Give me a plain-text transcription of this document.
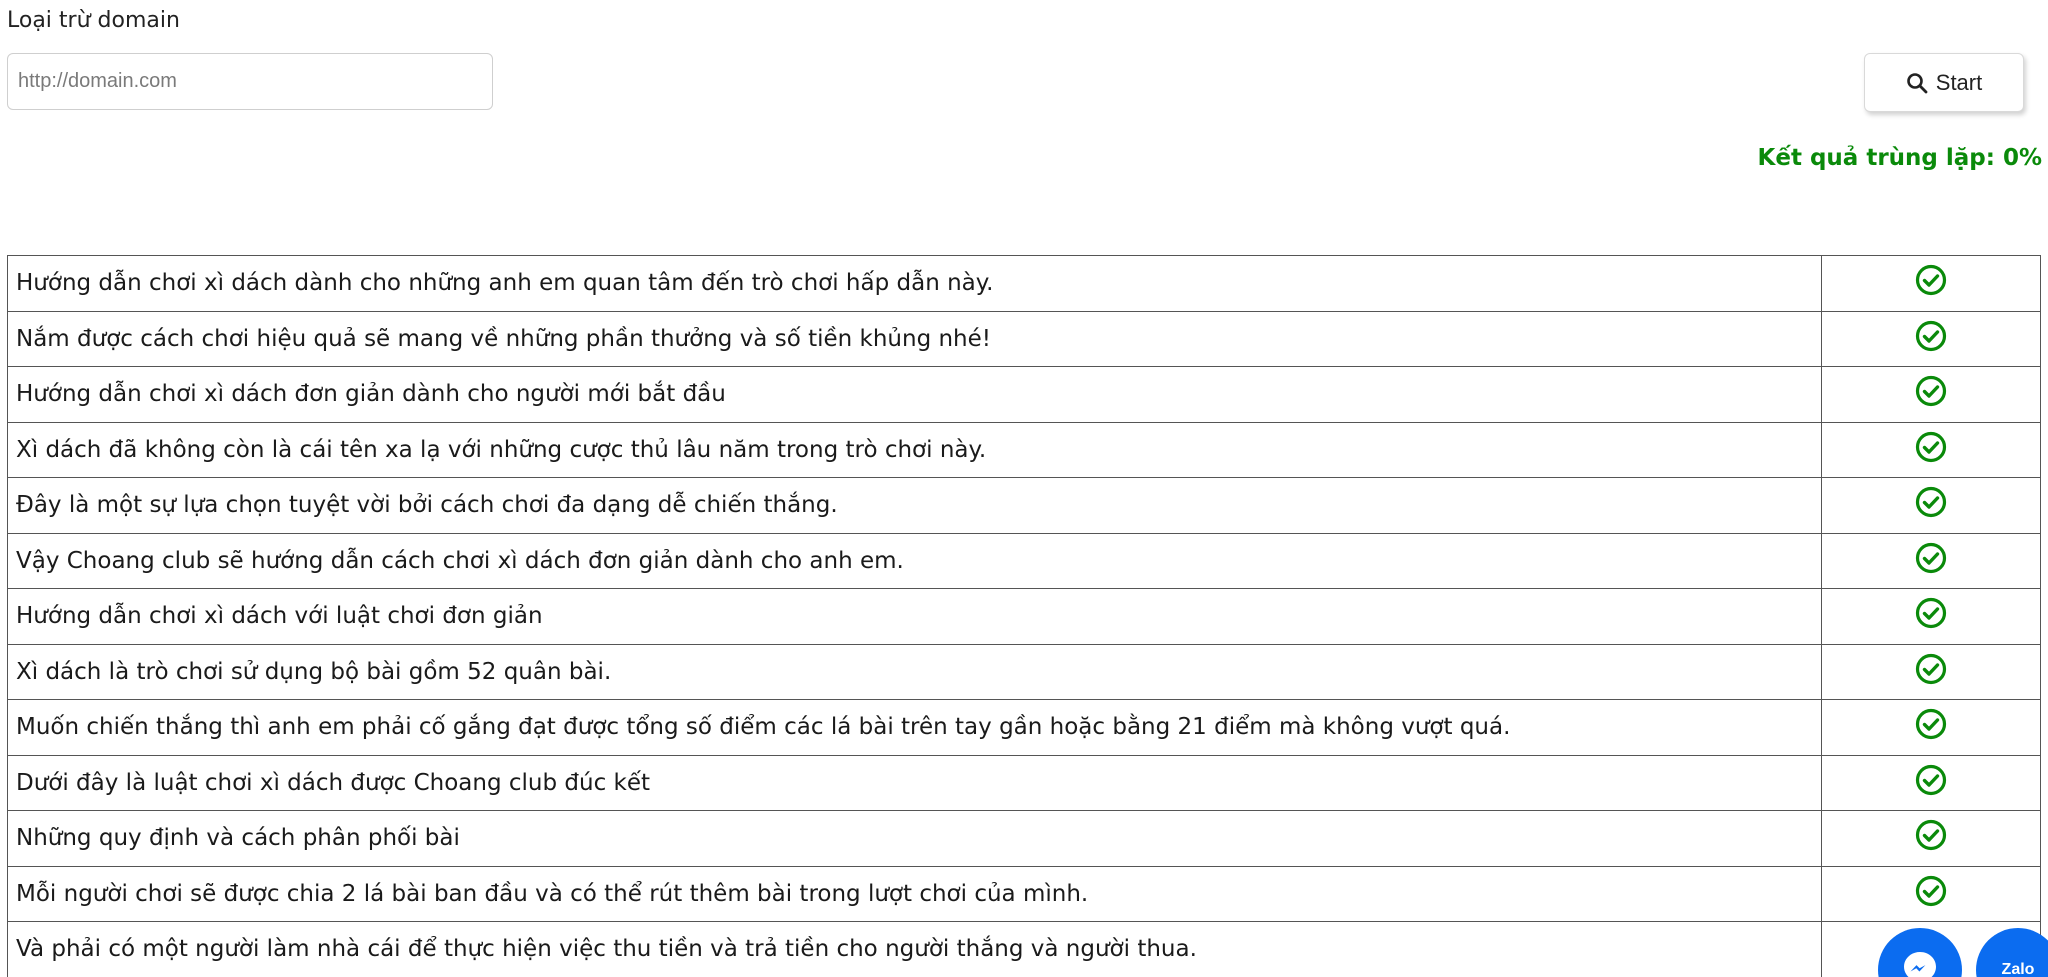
Loại trừ domain
http://domain.com
Start
Kết quả trùng lặp: 0%
Hướng dẫn chơi xì dách dành cho những anh em quan tâm đến trò chơi hấp dẫn này.	
Nắm được cách chơi hiệu quả sẽ mang về những phần thưởng và số tiền khủng nhé!	
Hướng dẫn chơi xì dách đơn giản dành cho người mới bắt đầu	
Xì dách đã không còn là cái tên xa lạ với những cược thủ lâu năm trong trò chơi này.	
Đây là một sự lựa chọn tuyệt vời bởi cách chơi đa dạng dễ chiến thắng.	
Vậy Choang club sẽ hướng dẫn cách chơi xì dách đơn giản dành cho anh em.	
Hướng dẫn chơi xì dách với luật chơi đơn giản	
Xì dách là trò chơi sử dụng bộ bài gồm 52 quân bài.	
Muốn chiến thắng thì anh em phải cố gắng đạt được tổng số điểm các lá bài trên tay gần hoặc bằng 21 điểm mà không vượt quá.	
Dưới đây là luật chơi xì dách được Choang club đúc kết	
Những quy định và cách phân phối bài	
Mỗi người chơi sẽ được chia 2 lá bài ban đầu và có thể rút thêm bài trong lượt chơi của mình.	
Và phải có một người làm nhà cái để thực hiện việc thu tiền và trả tiền cho người thắng và người thua.	
Zalo
